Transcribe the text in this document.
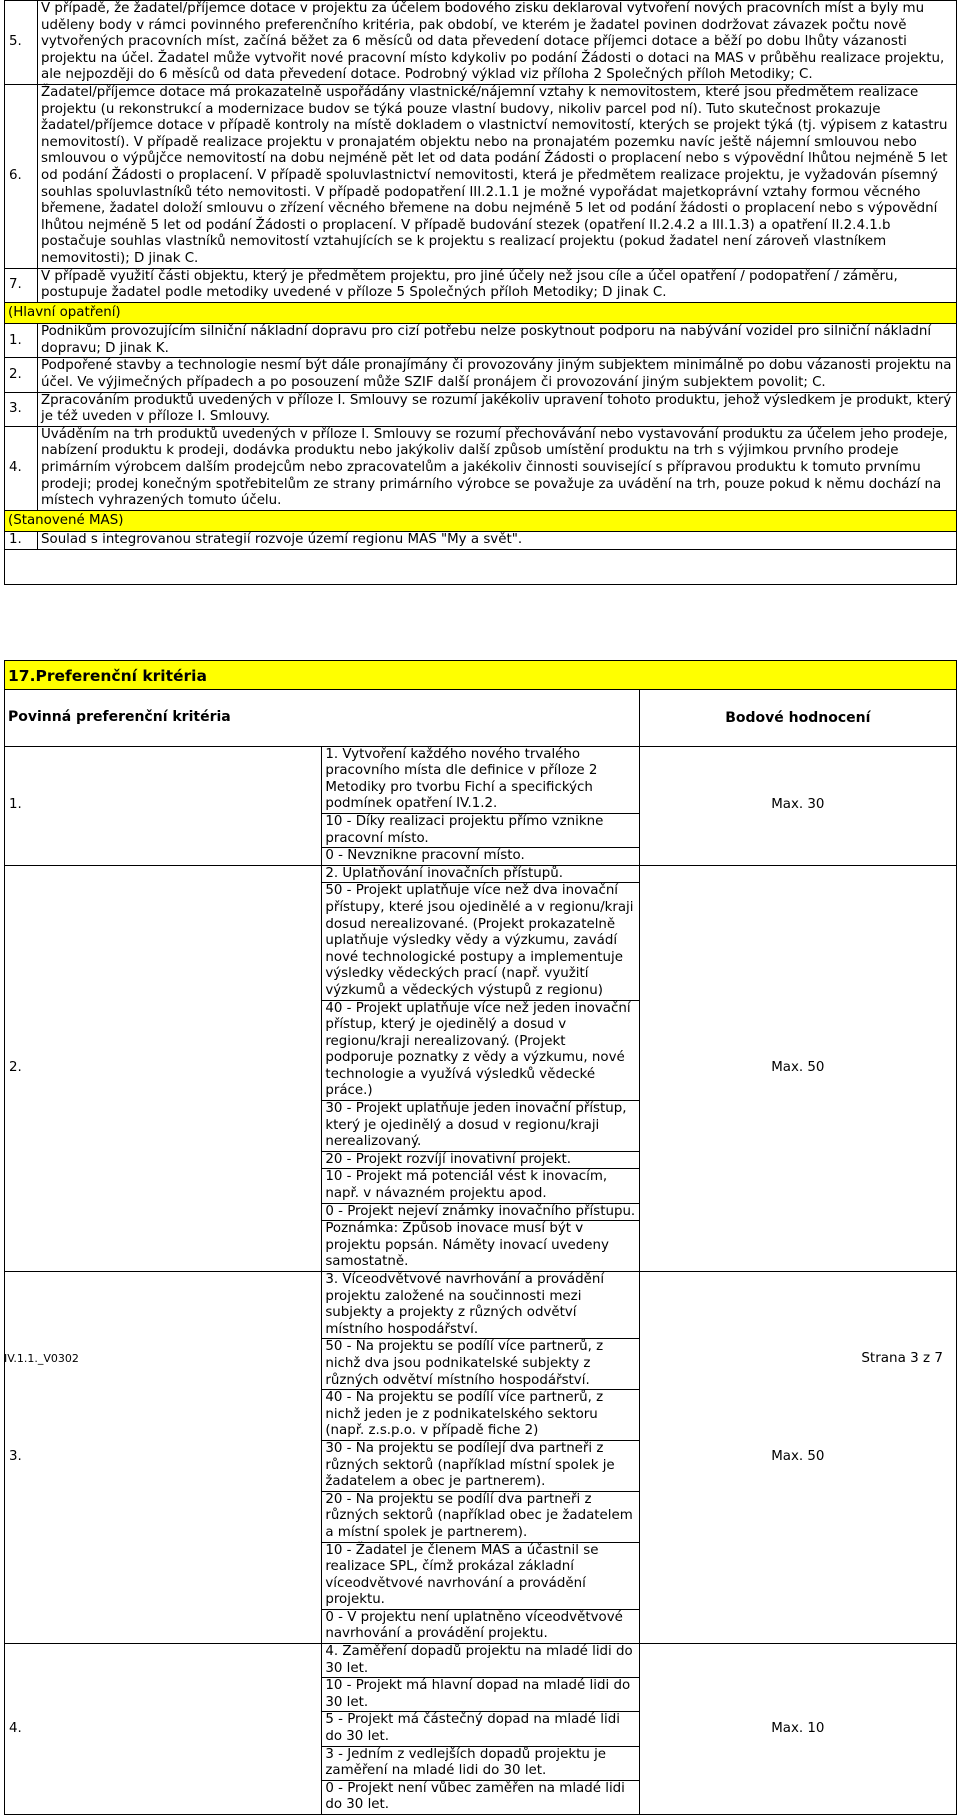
5.	V případě, že žadatel/příjemce dotace v projektu za účelem bodového zisku deklaroval vytvoření nových pracovních míst a byly mu uděleny body v rámci povinného preferenčního kritéria, pak období, ve kterém je žadatel povinen dodržovat závazek počtu nově vytvořených pracovních míst, začíná běžet za 6 měsíců od data převedení dotace příjemci dotace a běží po dobu lhůty vázanosti projektu na účel. Žadatel může vytvořit nové pracovní místo kdykoliv po podání Žádosti o dotaci na MAS v průběhu realizace projektu, ale nejpozději do 6 měsíců od data převedení dotace. Podrobný výklad viz příloha 2 Společných příloh Metodiky; C.
6.	Žadatel/příjemce dotace má prokazatelně uspořádány vlastnické/nájemní vztahy k nemovitostem, které jsou předmětem realizace projektu (u rekonstrukcí a modernizace budov se týká pouze vlastní budovy, nikoliv parcel pod ní). Tuto skutečnost prokazuje žadatel/příjemce dotace v případě kontroly na místě dokladem o vlastnictví nemovitostí, kterých se projekt týká (tj. výpisem z katastru nemovitostí). V případě realizace projektu v pronajatém objektu nebo na pronajatém pozemku navíc ještě nájemní smlouvou nebo smlouvou o výpůjčce nemovitostí na dobu nejméně pět let od data podání Žádosti o proplacení nebo s výpovědní lhůtou nejméně 5 let od podání Žádosti o proplacení. V případě spoluvlastnictví nemovitosti, která je předmětem realizace projektu, je vyžadován písemný souhlas spoluvlastníků této nemovitosti. V případě podopatření III.2.1.1 je možné vypořádat majetkoprávní vztahy formou věcného břemene, žadatel doloží smlouvu o zřízení věcného břemene na dobu nejméně 5 let od podání žádosti o proplacení nebo s výpovědní lhůtou nejméně 5 let od podání Žádosti o proplacení. V případě budování stezek (opatření II.2.4.2 a III.1.3) a opatření II.2.4.1.b postačuje souhlas vlastníků nemovitostí vztahujících se k projektu s realizací projektu (pokud žadatel není zároveň vlastníkem nemovitosti); D jinak C.
7.	V případě využití části objektu, který je předmětem projektu, pro jiné účely než jsou cíle a účel opatření / podopatření / záměru, postupuje žadatel podle metodiky uvedené v příloze 5 Společných příloh Metodiky; D jinak C.
(Hlavní opatření)	
1.	Podnikům provozujícím silniční nákladní dopravu pro cizí potřebu nelze poskytnout podporu na nabývání vozidel pro silniční nákladní dopravu; D jinak K.
2.	Podpořené stavby a technologie nesmí být dále pronajímány či provozovány jiným subjektem minimálně po dobu vázanosti projektu na účel. Ve výjimečných případech a po posouzení může SZIF další pronájem či provozování jiným subjektem povolit; C.
3.	Zpracováním produktů uvedených v příloze I. Smlouvy se rozumí jakékoliv upravení tohoto produktu, jehož výsledkem je produkt, který je též uveden v příloze I. Smlouvy.
4.	Uváděním na trh produktů uvedených v příloze I. Smlouvy se rozumí přechovávání nebo vystavování produktu za účelem jeho prodeje, nabízení produktu k prodeji, dodávka produktu nebo jakýkoliv další způsob umístění produktu na trh s výjimkou prvního prodeje primárním výrobcem dalším prodejcům nebo zpracovatelům a jakékoliv činnosti související s přípravou produktu k tomuto prvnímu prodeji; prodej konečným spotřebitelům ze strany primárního výrobce se považuje za uvádění na trh, pouze pokud k němu dochází na místech vyhrazených tomuto účelu.
(Stanovené MAS)	
1.	Soulad s integrovanou strategií rozvoje území regionu MAS "My a svět".

17.Preferenční kritéria		
Povinná preferenční kritéria		Bodové hodnocení
1.	1. Vytvoření každého nového trvalého pracovního místa dle definice v příloze 2 Metodiky pro tvorbu Fichí a specifických podmínek opatření IV.1.2.	Max. 30
	10 - Díky realizaci projektu přímo vznikne pracovní místo.	
	0 - Nevznikne pracovní místo.	
2.	2. Uplatňování inovačních přístupů.	Max. 50
	50 - Projekt uplatňuje více než dva inovační přístupy, které jsou ojedinělé a v regionu/kraji dosud nerealizované. (Projekt prokazatelně uplatňuje výsledky vědy a výzkumu, zavádí nové technologické postupy a implementuje výsledky vědeckých prací (např. využití výzkumů a vědeckých výstupů z regionu)	
	40 - Projekt uplatňuje více než jeden inovační přístup, který je ojedinělý a dosud v regionu/kraji nerealizovaný. (Projekt podporuje poznatky z vědy a výzkumu, nové technologie a využívá výsledků vědecké práce.)	
	30 - Projekt uplatňuje jeden inovační přístup, který je ojedinělý a dosud v regionu/kraji nerealizovaný.	
	20 - Projekt rozvíjí inovativní projekt.	
	10 - Projekt má potenciál vést k inovacím, např. v návazném projektu apod.	
	0 - Projekt nejeví známky inovačního přístupu.	
	Poznámka: Způsob inovace musí být v projektu popsán. Náměty inovací uvedeny samostatně.	
3.	3. Víceodvětvové navrhování a provádění projektu založené na součinnosti mezi subjekty a projekty z různých odvětví místního hospodářství.	Max. 50
	50 - Na projektu se podílí více partnerů, z nichž dva jsou podnikatelské subjekty z různých odvětví místního hospodářství.	
	40 - Na projektu se podílí více partnerů, z nichž jeden je z podnikatelského sektoru (např. z.s.p.o. v případě fiche 2)	
	30 - Na projektu se podílejí dva partneři z různých sektorů (například místní spolek je žadatelem a obec je partnerem).	
	20 - Na projektu se podílí dva partneři z různých sektorů (například obec je žadatelem a místní spolek je partnerem).	
	10 - Žadatel je členem MAS a účastnil se realizace SPL, čímž prokázal základní víceodvětvové navrhování a provádění projektu.	
	0 - V projektu není uplatněno víceodvětvové navrhování a provádění projektu.	
4.	4. Zaměření dopadů projektu na mladé lidi do 30 let.	Max. 10
	10 - Projekt má hlavní dopad na mladé lidi do 30 let.	
	5 - Projekt má částečný dopad na mladé lidi do 30 let.	
	3 - Jedním z vedlejších dopadů projektu je zaměření na mladé lidi do 30 let.	
	0 - Projekt není vůbec zaměřen na mladé lidi do 30 let.	
IV.1.1._V0302	Strana 3 z 7
